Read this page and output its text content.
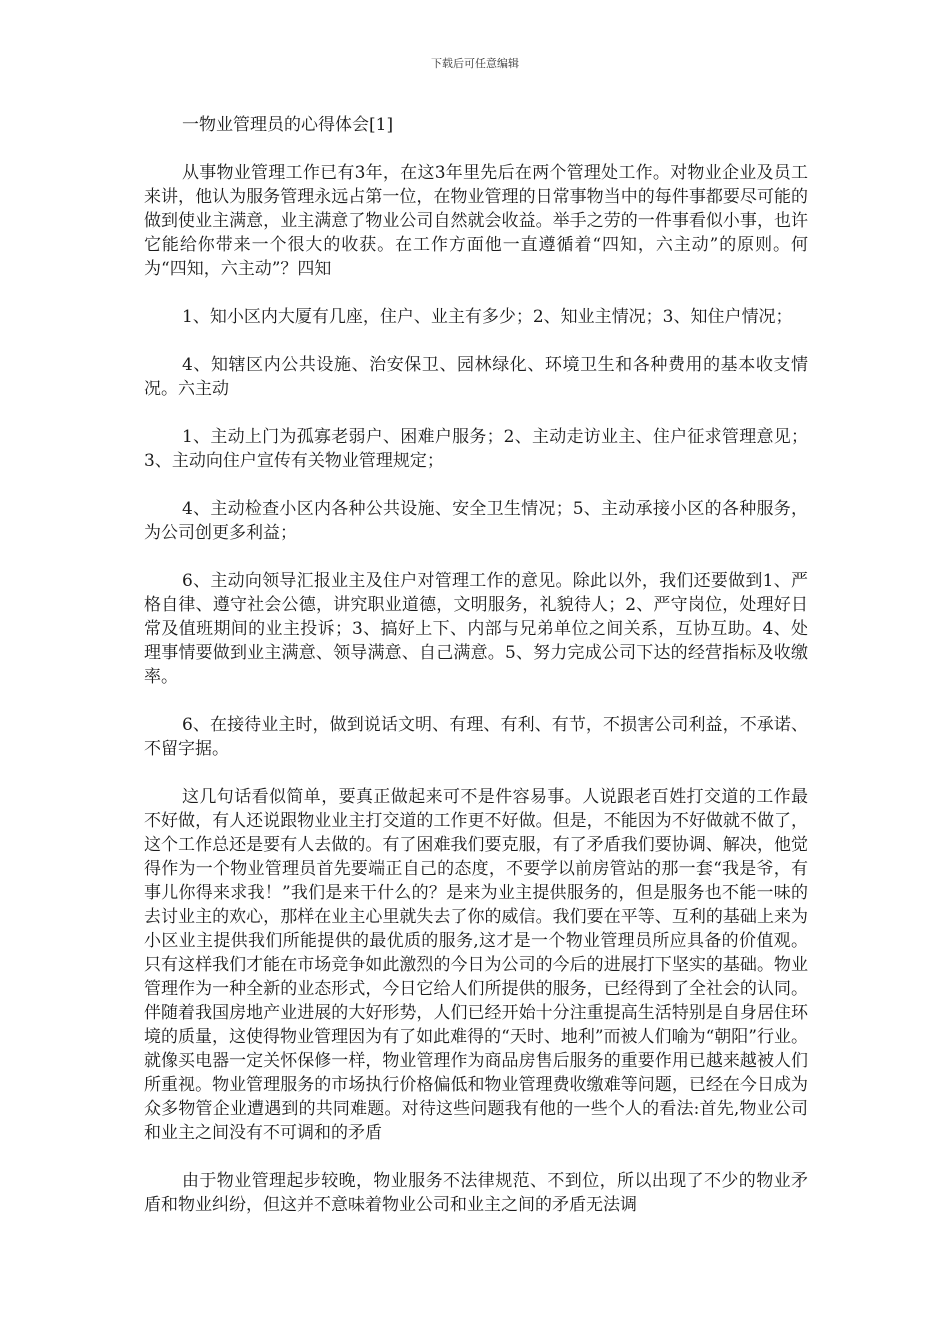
下载后可任意编辑
一物业管理员的心得体会[1]

从事物业管理工作已有3年，在这3年里先后在两个管理处工作。对物业企业及员工来讲，他认为服务管理永远占第一位，在物业管理的日常事物当中的每件事都要尽可能的做到使业主满意，业主满意了物业公司自然就会收益。举手之劳的一件事看似小事，也许它能给你带来一个很大的收获。在工作方面他一直遵循着“四知，六主动”的原则。何为“四知，六主动”？四知

1、知小区内大厦有几座，住户、业主有多少；2、知业主情况；3、知住户情况；

4、知辖区内公共设施、治安保卫、园林绿化、环境卫生和各种费用的基本收支情况。六主动

1、主动上门为孤寡老弱户、困难户服务；2、主动走访业主、住户征求管理意见；3、主动向住户宣传有关物业管理规定；

4、主动检查小区内各种公共设施、安全卫生情况；5、主动承接小区的各种服务，为公司创更多利益；

6、主动向领导汇报业主及住户对管理工作的意见。除此以外，我们还要做到1、严格自律、遵守社会公德，讲究职业道德，文明服务，礼貌待人；2、严守岗位，处理好日常及值班期间的业主投诉；3、搞好上下、内部与兄弟单位之间关系，互协互助。4、处理事情要做到业主满意、领导满意、自己满意。5、努力完成公司下达的经营指标及收缴率。

6、在接待业主时，做到说话文明、有理、有利、有节，不损害公司利益，不承诺、不留字据。

这几句话看似简单，要真正做起来可不是件容易事。人说跟老百姓打交道的工作最不好做，有人还说跟物业业主打交道的工作更不好做。但是，不能因为不好做就不做了，这个工作总还是要有人去做的。有了困难我们要克服，有了矛盾我们要协调、解决，他觉得作为一个物业管理员首先要端正自己的态度，不要学以前房管站的那一套“我是爷，有事儿你得来求我！”我们是来干什么的？是来为业主提供服务的，但是服务也不能一味的去讨业主的欢心，那样在业主心里就失去了你的威信。我们要在平等、互利的基础上来为小区业主提供我们所能提供的最优质的服务,这才是一个物业管理员所应具备的价值观。只有这样我们才能在市场竞争如此激烈的今日为公司的今后的进展打下坚实的基础。物业管理作为一种全新的业态形式，今日它给人们所提供的服务，已经得到了全社会的认同。伴随着我国房地产业进展的大好形势，人们已经开始十分注重提高生活特别是自身居住环境的质量，这使得物业管理因为有了如此难得的“天时、地利”而被人们喻为“朝阳”行业。就像买电器一定关怀保修一样，物业管理作为商品房售后服务的重要作用已越来越被人们所重视。物业管理服务的市场执行价格偏低和物业管理费收缴难等问题，已经在今日成为众多物管企业遭遇到的共同难题。对待这些问题我有他的一些个人的看法:首先,物业公司和业主之间没有不可调和的矛盾

由于物业管理起步较晚，物业服务不法律规范、不到位，所以出现了不少的物业矛盾和物业纠纷，但这并不意味着物业公司和业主之间的矛盾无法调
